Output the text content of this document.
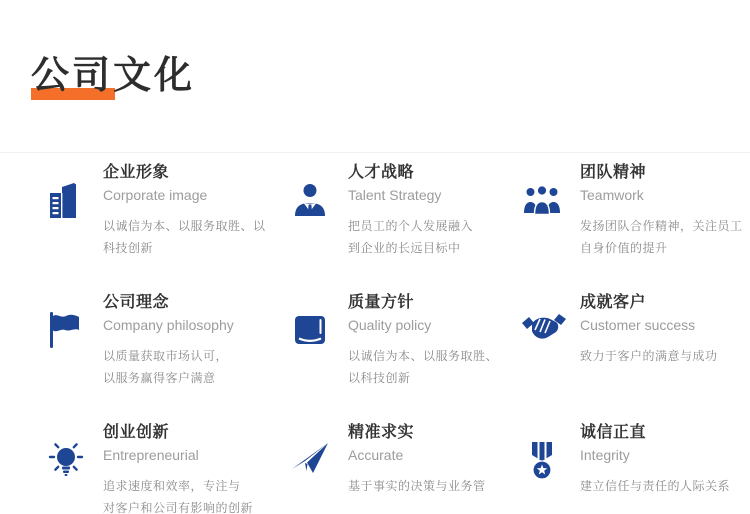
公司文化
企业形象
Corporate image
以诚信为本、以服务取胜、以
科技创新
人才战略
Talent Strategy
把员工的个人发展融入
到企业的长远目标中
团队精神
Teamwork
发扬团队合作精神，关注员工
自身价值的提升
公司理念
Company philosophy
以质量获取市场认可，
以服务赢得客户满意
质量方针
Quality policy
以诚信为本、以服务取胜、
以科技创新
成就客户
Customer success
致力于客户的满意与成功
创业创新
Entrepreneurial
追求速度和效率，专注与
对客户和公司有影响的创新
精准求实
Accurate
基于事实的决策与业务管
诚信正直
Integrity
建立信任与责任的人际关系
